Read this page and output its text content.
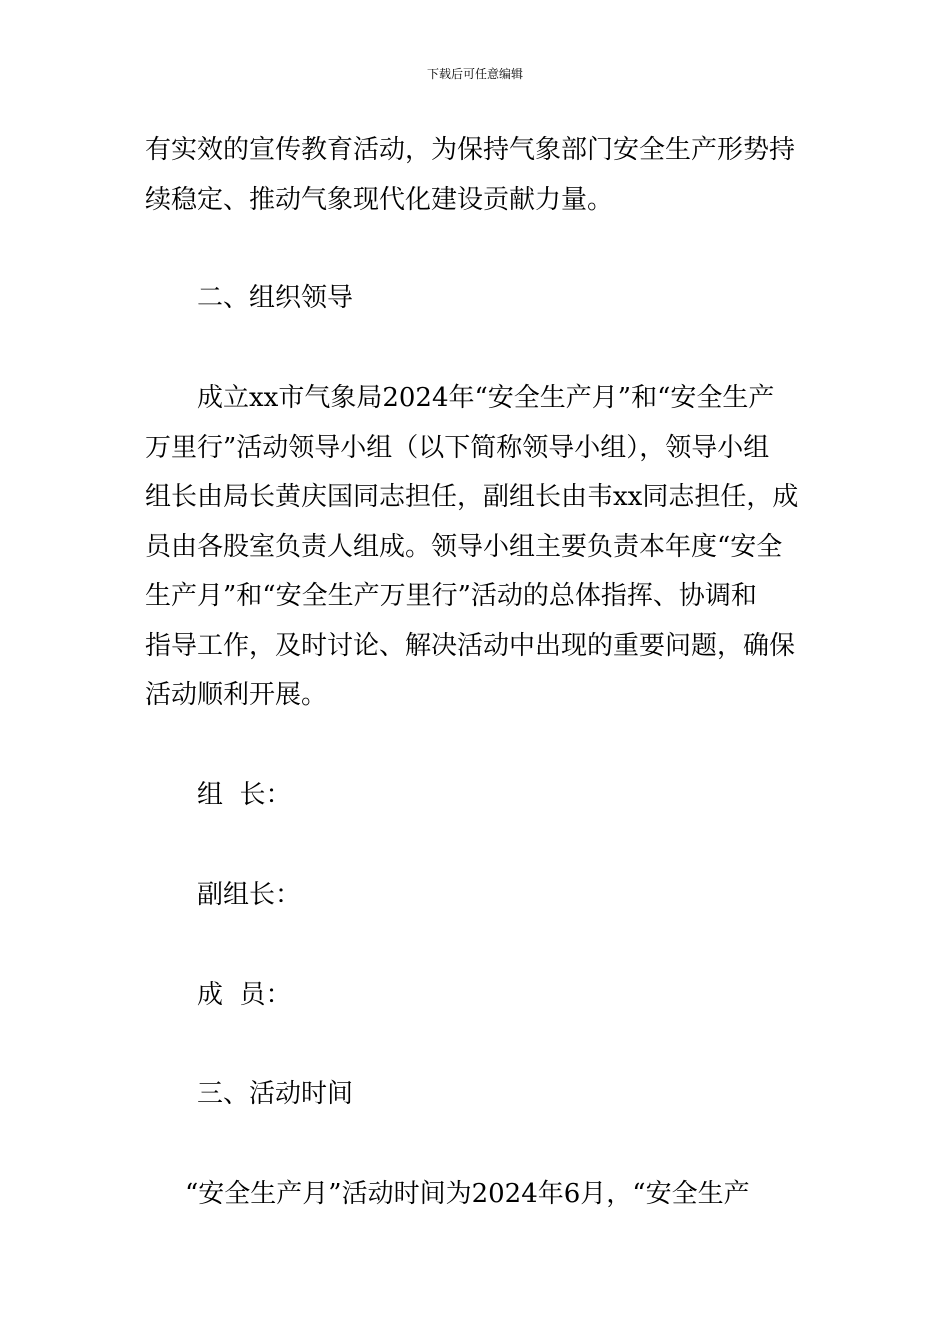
下载后可任意编辑
有实效的宣传教育活动，为保持气象部门安全生产形势持
续稳定、推动气象现代化建设贡献力量。
二、组织领导
成立xx市气象局2024年“安全生产月”和“安全生产
万里行”活动领导小组（以下简称领导小组），领导小组
组长由局长黄庆国同志担任，副组长由韦xx同志担任，成
员由各股室负责人组成。领导小组主要负责本年度“安全
生产月”和“安全生产万里行”活动的总体指挥、协调和
指导工作，及时讨论、解决活动中出现的重要问题，确保
活动顺利开展。
组  长：
副组长：
成  员：
三、活动时间
“安全生产月”活动时间为2024年6月，“安全生产
